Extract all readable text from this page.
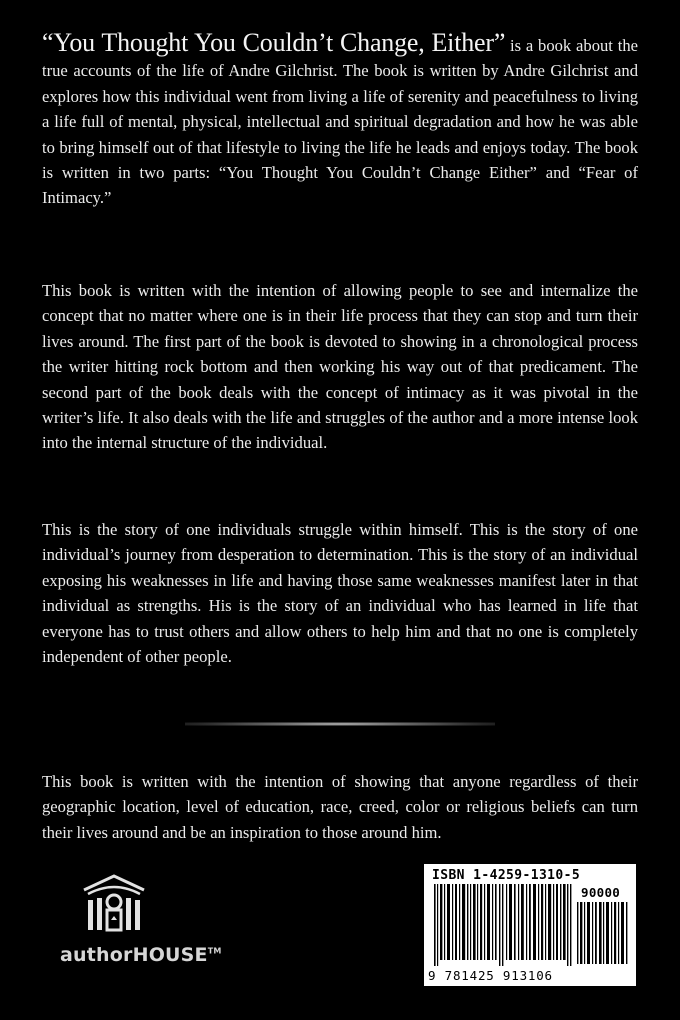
“You Thought You Couldn’t Change, Either” is a book about the true accounts of the life of Andre Gilchrist. The book is written by Andre Gilchrist and explores how this individual went from living a life of serenity and peacefulness to living a life full of mental, physical, intellectual and spiritual degradation and how he was able to bring himself out of that lifestyle to living the life he leads and enjoys today. The book is written in two parts: “You Thought You Couldn’t Change Either” and “Fear of Intimacy.”

This book is written with the intention of allowing people to see and internalize the concept that no matter where one is in their life process that they can stop and turn their lives around. The first part of the book is devoted to showing in a chronological process the writer hitting rock bottom and then working his way out of that predicament. The second part of the book deals with the concept of intimacy as it was pivotal in the writer’s life. It also deals with the life and struggles of the author and a more intense look into the internal structure of the individual.

This is the story of one individuals struggle within himself. This is the story of one individual’s journey from desperation to determination. This is the story of an individual exposing his weaknesses in life and having those same weaknesses manifest later in that individual as strengths. His is the story of an individual who has learned in life that everyone has to trust others and allow others to help him and that no one is completely independent of other people.

This book is written with the intention of showing that anyone regardless of their geographic location, level of education, race, creed, color or religious beliefs can turn their lives around and be an inspiration to those around him.

authorHOUSE™
ISBN 1-4259-1310-5
90000
9 781425 913106
